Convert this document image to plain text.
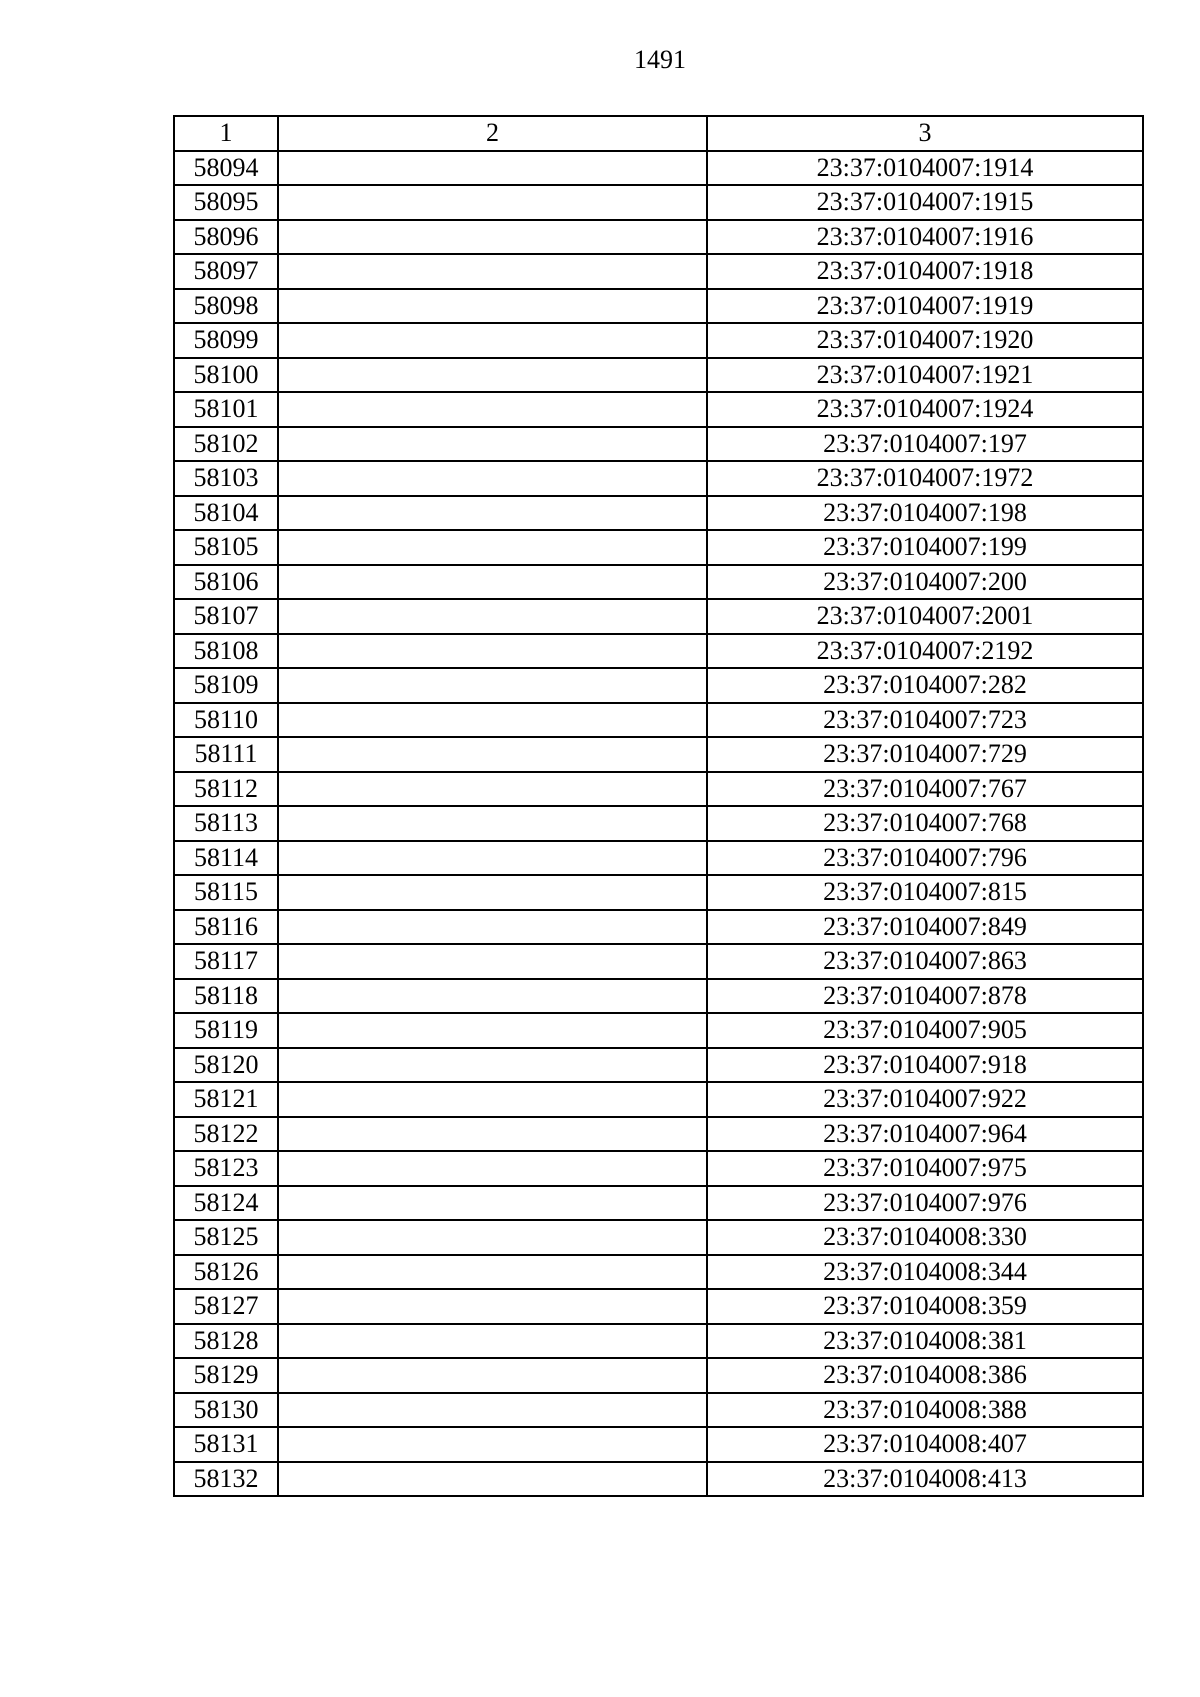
1491
1	2	3
58094		23:37:0104007:1914
58095		23:37:0104007:1915
58096		23:37:0104007:1916
58097		23:37:0104007:1918
58098		23:37:0104007:1919
58099		23:37:0104007:1920
58100		23:37:0104007:1921
58101		23:37:0104007:1924
58102		23:37:0104007:197
58103		23:37:0104007:1972
58104		23:37:0104007:198
58105		23:37:0104007:199
58106		23:37:0104007:200
58107		23:37:0104007:2001
58108		23:37:0104007:2192
58109		23:37:0104007:282
58110		23:37:0104007:723
58111		23:37:0104007:729
58112		23:37:0104007:767
58113		23:37:0104007:768
58114		23:37:0104007:796
58115		23:37:0104007:815
58116		23:37:0104007:849
58117		23:37:0104007:863
58118		23:37:0104007:878
58119		23:37:0104007:905
58120		23:37:0104007:918
58121		23:37:0104007:922
58122		23:37:0104007:964
58123		23:37:0104007:975
58124		23:37:0104007:976
58125		23:37:0104008:330
58126		23:37:0104008:344
58127		23:37:0104008:359
58128		23:37:0104008:381
58129		23:37:0104008:386
58130		23:37:0104008:388
58131		23:37:0104008:407
58132		23:37:0104008:413
